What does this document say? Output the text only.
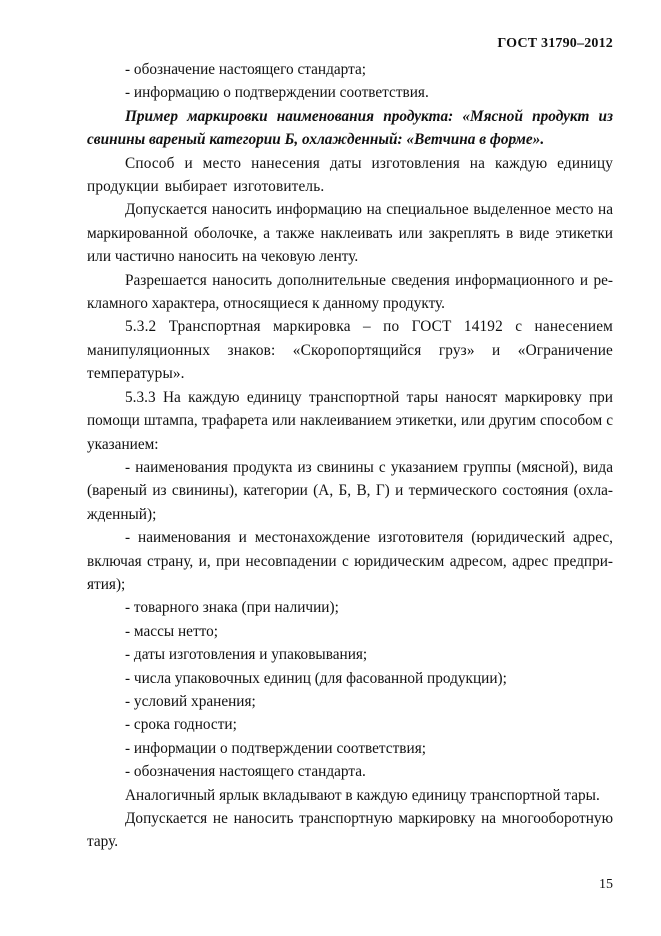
ГОСТ 31790–2012

- обозначение настоящего стандарта;

- информацию о подтверждении соответствия.

Пример маркировки наименования продукта: «Мясной продукт из свинины вареный категории Б, охлажденный: «Ветчина в форме».

Способ и место нанесения даты изготовления на каждую единицу продукции выбирает изготовитель.

Допускается наносить информацию на специальное выделенное место на маркированной оболочке, а также наклеивать или закреплять в виде этикетки или частично наносить на чековую ленту.

Разрешается наносить дополнительные сведения информационного и ре-кламного характера, относящиеся к данному продукту.

5.3.2 Транспортная маркировка – по ГОСТ 14192 с нанесением манипуляционных знаков: «Скоропортящийся груз» и «Ограничение температуры».

5.3.3 На каждую единицу транспортной тары наносят маркировку при помощи штампа, трафарета или наклеиванием этикетки, или другим способом с указанием:

- наименования продукта из свинины с указанием группы (мясной), вида (вареный из свинины), категории (А, Б, В, Г) и термического состояния (охла-жденный);

- наименования и местонахождение изготовителя (юридический адрес, включая страну, и, при несовпадении с юридическим адресом, адрес предпри-ятия);

- товарного знака (при наличии);

- массы нетто;

- даты изготовления и упаковывания;

- числа упаковочных единиц (для фасованной продукции);

- условий хранения;

- срока годности;

- информации о подтверждении соответствия;

- обозначения настоящего стандарта.

Аналогичный ярлык вкладывают в каждую единицу транспортной тары.

Допускается не наносить транспортную маркировку на многооборотную тару.

15
